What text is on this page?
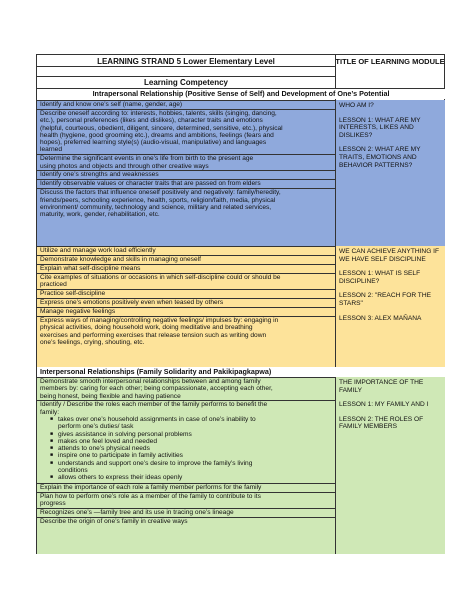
LEARNING STRAND 5 Lower Elementary Level	TITLE OF LEARNING MODULE
Learning Competency
Intrapersonal Relationship (Positive Sense of Self) and Development of One’s Potential
Identify and know one’s self (name, gender, age)
Describe oneself according to: interests, hobbies, talents, skills (singing, dancing,
etc.), personal preferences (likes and dislikes), character traits and emotions
(helpful, courteous, obedient, diligent, sincere, determined, sensitive, etc.), physical
health (hygiene, good grooming etc.), dreams and ambitions, feelings (fears and
hopes), preferred learning style(s) (audio-visual, manipulative) and languages
learned
Determine the significant events in one’s life from birth to the present age
using photos and objects and through other creative ways
Identify one’s strengths and weaknesses
Identify observable values or character traits that are passed on from elders
Discuss the factors that influence oneself positively and negatively: family/heredity,
friends/peers, schooling experience, health, sports, religion/faith, media, physical
environment/ community, technology and science, military and related services,
maturity, work, gender, rehabilitation, etc.

WHO AM I?

LESSON 1: WHAT ARE MY INTERESTS, LIKES AND DISLIKES?

LESSON 2: WHAT ARE MY TRAITS, EMOTIONS AND BEHAVIOR PATTERNS?

Utilize and manage work load efficiently
Demonstrate knowledge and skills in managing oneself
Explain what self-discipline means
Cite examples of situations or occasions in which self-discipline could or should be
practiced
Practice self-discipline
Express one’s emotions positively even when teased by others
Manage negative feelings
Express ways of managing/controlling negative feelings/ impulses by: engaging in
physical activities, doing household work, doing meditative and breathing
exercises and performing exercises that release tension such as writing down
one’s feelings, crying, shouting, etc.

WE CAN ACHIEVE ANYTHING IF WE HAVE SELF DISCIPLINE

LESSON 1: WHAT IS SELF DISCIPLINE?

LESSON 2: "REACH FOR THE STARS"

LESSON 3: ALEX MAÑANA

Interpersonal Relationships (Family Solidarity and Pakikipagkapwa)
Demonstrate smooth interpersonal relationships between and among family
members by: caring for each other; being compassionate, accepting each other,
being honest, being flexible and having patience
Identify / Describe the roles each member of the family performs to benefit the
family:
■ takes over one’s household assignments in case of one’s inability to
perform one’s duties/ task
■ gives assistance in solving personal problems
■ makes one feel loved and needed
■ attends to one’s physical needs
■ inspire one to participate in family activities
■ understands and support one’s desire to improve the family’s living
conditions
■ allows others to express their ideas openly
Explain the importance of each role a family member performs for the family
Plan how to perform one’s role as a member of the family to contribute to its
progress
Recognizes one’s —family tree and its use in tracing one’s lineage
Describe the origin of one’s family in creative ways

THE IMPORTANCE OF THE FAMILY

LESSON 1: MY FAMILY AND I

LESSON 2: THE ROLES OF FAMILY MEMBERS
